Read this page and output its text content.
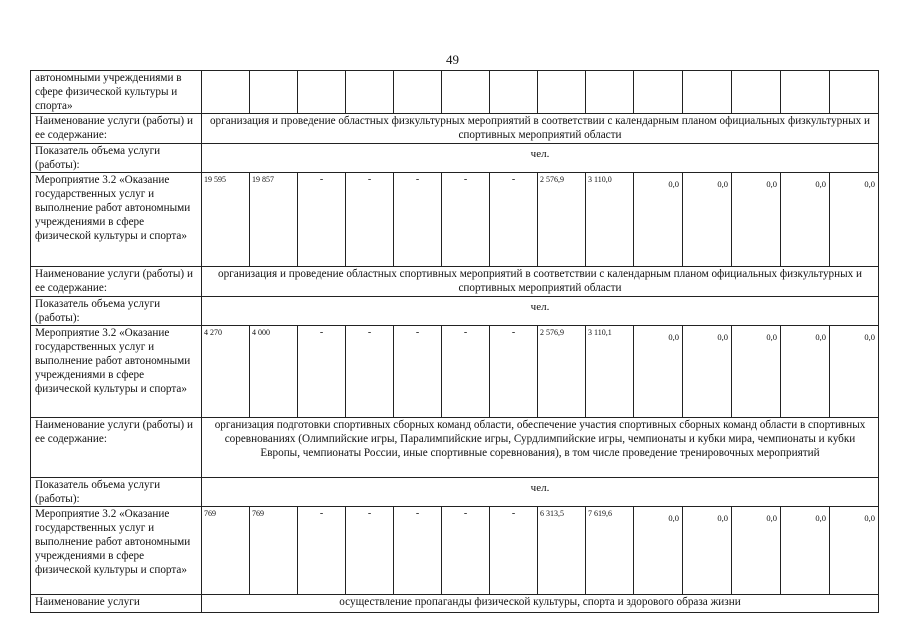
49
автономными учреждениями в сфере физической культуры и спорта»														
Наименование услуги (работы) и ее содержание:	организация и проведение областных физкультурных мероприятий в соответствии с календарным планом официальных физкультурных и спортивных мероприятий области													
Показатель объема услуги (работы):	чел.													
Мероприятие 3.2 «Оказание государственных услуг и выполнение работ автономными учреждениями в сфере физической культуры и спорта»	19 595	19 857	-	-	-	-	-	2 576,9	3 110,0	0,0	0,0	0,0	0,0	0,0
Наименование услуги (работы) и ее содержание:	организация и проведение областных спортивных мероприятий в соответствии с календарным планом официальных физкультурных и спортивных мероприятий области													
Показатель объема услуги (работы):	чел.													
Мероприятие 3.2 «Оказание государственных услуг и выполнение работ автономными учреждениями в сфере физической культуры и спорта»	4 270	4 000	-	-	-	-	-	2 576,9	3 110,1	0,0	0,0	0,0	0,0	0,0
Наименование услуги (работы) и ее содержание:	организация подготовки спортивных сборных команд области, обеспечение участия спортивных сборных команд области в спортивных соревнованиях (Олимпийские игры, Паралимпийские игры, Сурдлимпийские игры, чемпионаты и кубки мира, чемпионаты и кубки Европы, чемпионаты России, иные спортивные соревнования), в том числе проведение тренировочных мероприятий													
Показатель объема услуги (работы):	чел.													
Мероприятие 3.2 «Оказание государственных услуг и выполнение работ автономными учреждениями в сфере физической культуры и спорта»	769	769	-	-	-	-	-	6 313,5	7 619,6	0,0	0,0	0,0	0,0	0,0
Наименование услуги	осуществление пропаганды физической культуры, спорта и здорового образа жизни													
